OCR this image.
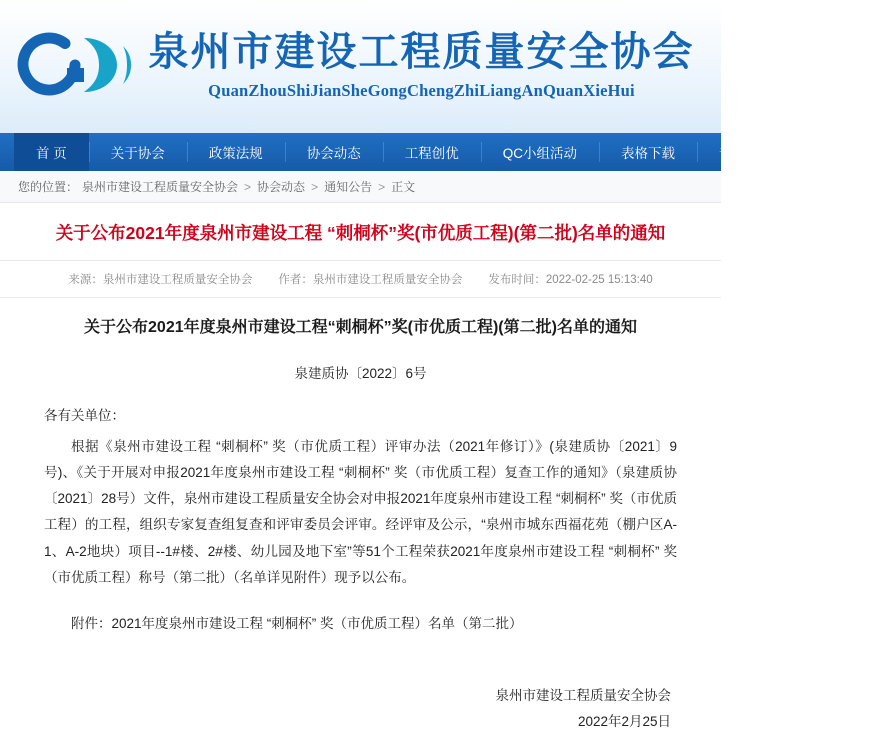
泉州市建设工程质量安全协会
QuanZhouShiJianSheGongChengZhiLiangAnQuanXieHui
首 页	关于协会	政策法规	协会动态	工程创优	QC小组活动	表格下载	专家库	会员之家
您的位置： 泉州市建设工程质量安全协会 > 协会动态 > 通知公告 > 正文
关于公布2021年度泉州市建设工程 “刺桐杯”奖(市优质工程)(第二批)名单的通知
来源：泉州市建设工程质量安全协会 作者：泉州市建设工程质量安全协会 发布时间：2022-02-25 15:13:40
关于公布2021年度泉州市建设工程“刺桐杯”奖(市优质工程)(第二批)名单的通知
泉建质协〔2022〕6号
各有关单位：
根据《泉州市建设工程 “刺桐杯” 奖（市优质工程）评审办法（2021年修订）》(泉建质协〔2021〕9号)、《关于开展对申报2021年度泉州市建设工程 “刺桐杯” 奖（市优质工程）复查工作的通知》（泉建质协〔2021〕28号）文件，泉州市建设工程质量安全协会对申报2021年度泉州市建设工程 “刺桐杯” 奖（市优质工程）的工程，组织专家复查组复查和评审委员会评审。经评审及公示，“泉州市城东西福花苑（棚户区A-1、A-2地块）项目--1#楼、2#楼、幼儿园及地下室”等51个工程荣获2021年度泉州市建设工程 “刺桐杯” 奖（市优质工程）称号（第二批）（名单详见附件）现予以公布。
附件：2021年度泉州市建设工程 “刺桐杯” 奖（市优质工程）名单（第二批）
泉州市建设工程质量安全协会
2022年2月25日
